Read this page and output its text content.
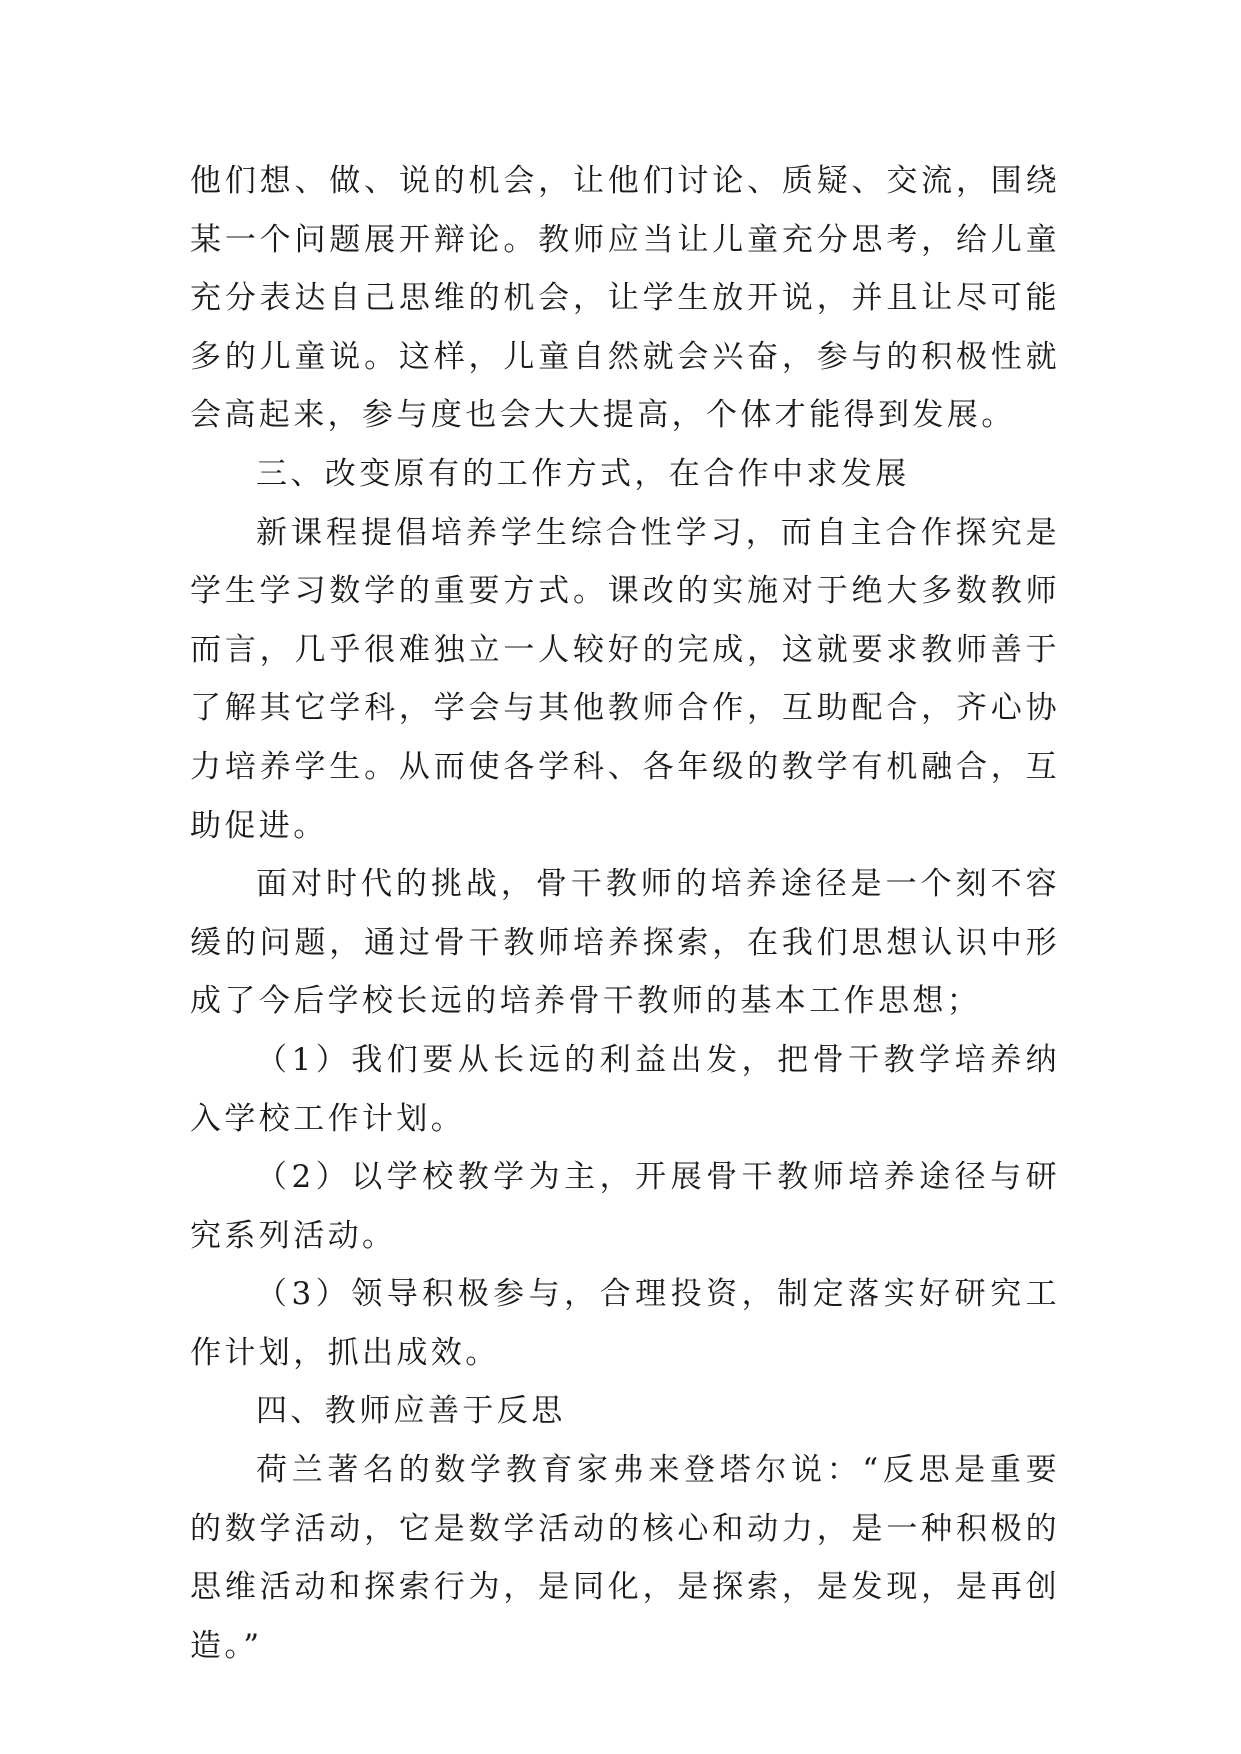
他们想、做、说的机会，让他们讨论、质疑、交流，围绕某一个问题展开辩论。教师应当让儿童充分思考，给儿童充分表达自己思维的机会，让学生放开说，并且让尽可能多的儿童说。这样，儿童自然就会兴奋，参与的积极性就会高起来，参与度也会大大提高，个体才能得到发展。

三、改变原有的工作方式，在合作中求发展

新课程提倡培养学生综合性学习，而自主合作探究是学生学习数学的重要方式。课改的实施对于绝大多数教师而言，几乎很难独立一人较好的完成，这就要求教师善于了解其它学科，学会与其他教师合作，互助配合，齐心协力培养学生。从而使各学科、各年级的教学有机融合，互助促进。

面对时代的挑战，骨干教师的培养途径是一个刻不容缓的问题，通过骨干教师培养探索，在我们思想认识中形成了今后学校长远的培养骨干教师的基本工作思想；

（1）我们要从长远的利益出发，把骨干教学培养纳入学校工作计划。

（2）以学校教学为主，开展骨干教师培养途径与研究系列活动。

（3）领导积极参与，合理投资，制定落实好研究工作计划，抓出成效。

四、教师应善于反思

荷兰著名的数学教育家弗来登塔尔说：“反思是重要的数学活动，它是数学活动的核心和动力，是一种积极的思维活动和探索行为，是同化，是探索，是发现，是再创造。”
